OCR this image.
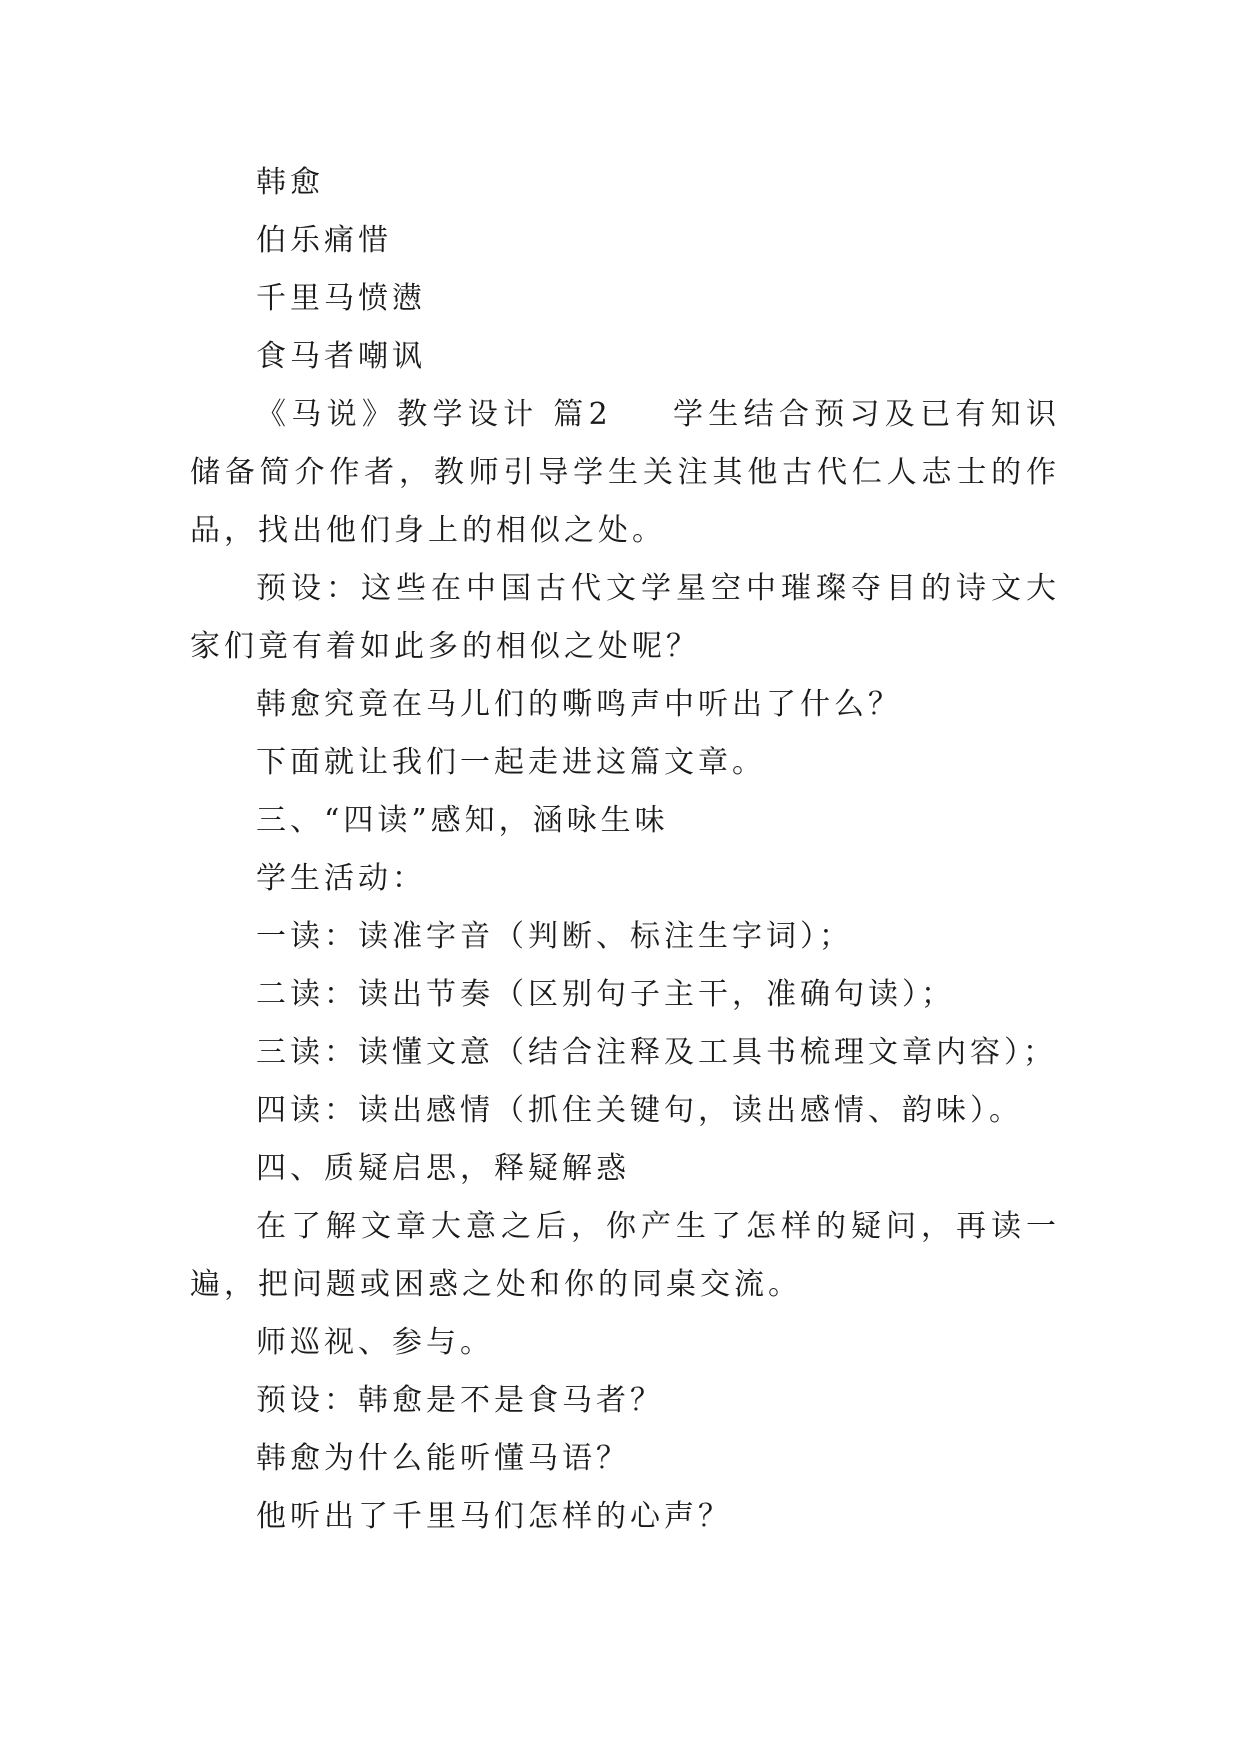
韩愈
伯乐痛惜
千里马愤懑
食马者嘲讽

《马说》教学设计 篇2 学生结合预习及已有知识储备简介作者，教师引导学生关注其他古代仁人志士的作品，找出他们身上的相似之处。

预设：这些在中国古代文学星空中璀璨夺目的诗文大家们竟有着如此多的相似之处呢？

韩愈究竟在马儿们的嘶鸣声中听出了什么？
下面就让我们一起走进这篇文章。
三、“四读”感知，涵咏生味
学生活动：
一读：读准字音（判断、标注生字词）；
二读：读出节奏（区别句子主干，准确句读）；
三读：读懂文意（结合注释及工具书梳理文章内容）；
四读：读出感情（抓住关键句，读出感情、韵味）。
四、质疑启思，释疑解惑

在了解文章大意之后，你产生了怎样的疑问，再读一遍，把问题或困惑之处和你的同桌交流。

师巡视、参与。
预设：韩愈是不是食马者？
韩愈为什么能听懂马语？
他听出了千里马们怎样的心声？
